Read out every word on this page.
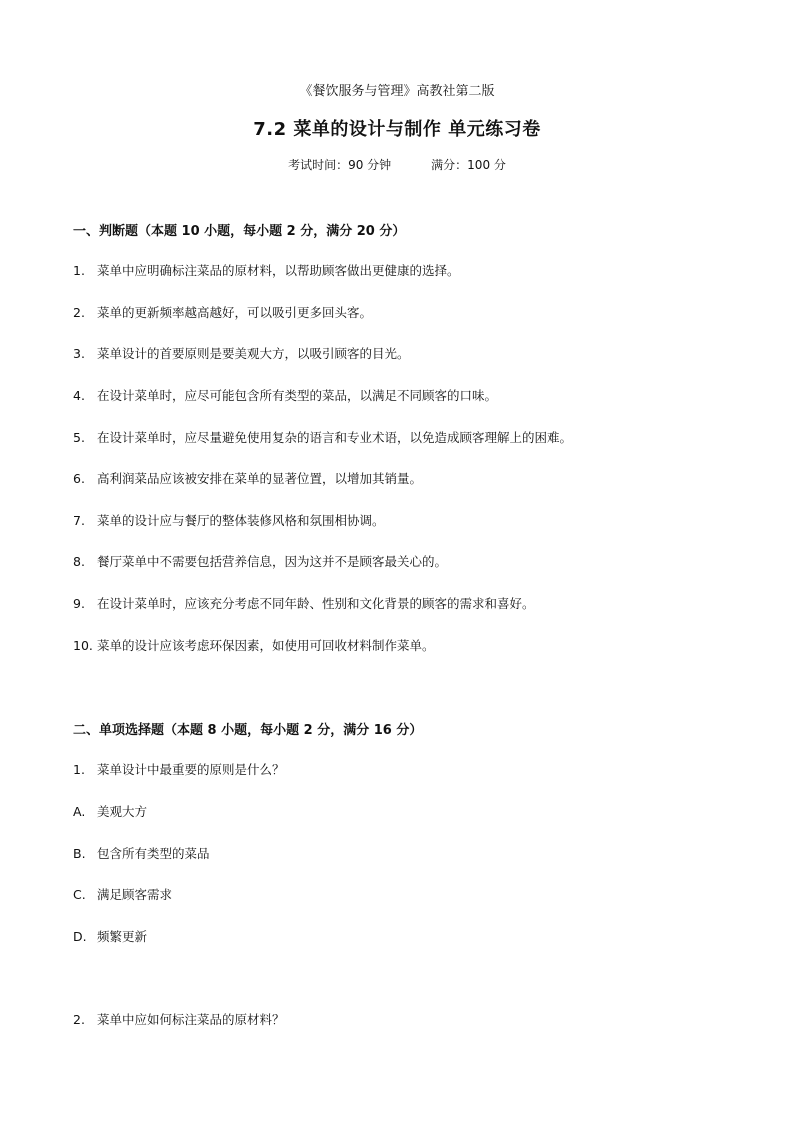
《餐饮服务与管理》高教社第二版
7.2 菜单的设计与制作 单元练习卷
考试时间：90 分钟	满分：100 分
一、判断题（本题 10 小题，每小题 2 分，满分 20 分）
1. 菜单中应明确标注菜品的原材料，以帮助顾客做出更健康的选择。
2. 菜单的更新频率越高越好，可以吸引更多回头客。
3. 菜单设计的首要原则是要美观大方，以吸引顾客的目光。
4. 在设计菜单时，应尽可能包含所有类型的菜品，以满足不同顾客的口味。
5. 在设计菜单时，应尽量避免使用复杂的语言和专业术语，以免造成顾客理解上的困难。
6. 高利润菜品应该被安排在菜单的显著位置，以增加其销量。
7. 菜单的设计应与餐厅的整体装修风格和氛围相协调。
8. 餐厅菜单中不需要包括营养信息，因为这并不是顾客最关心的。
9. 在设计菜单时，应该充分考虑不同年龄、性别和文化背景的顾客的需求和喜好。
10. 菜单的设计应该考虑环保因素，如使用可回收材料制作菜单。
二、单项选择题（本题 8 小题，每小题 2 分，满分 16 分）
1. 菜单设计中最重要的原则是什么？
A. 美观大方
B. 包含所有类型的菜品
C. 满足顾客需求
D. 频繁更新
2. 菜单中应如何标注菜品的原材料？
